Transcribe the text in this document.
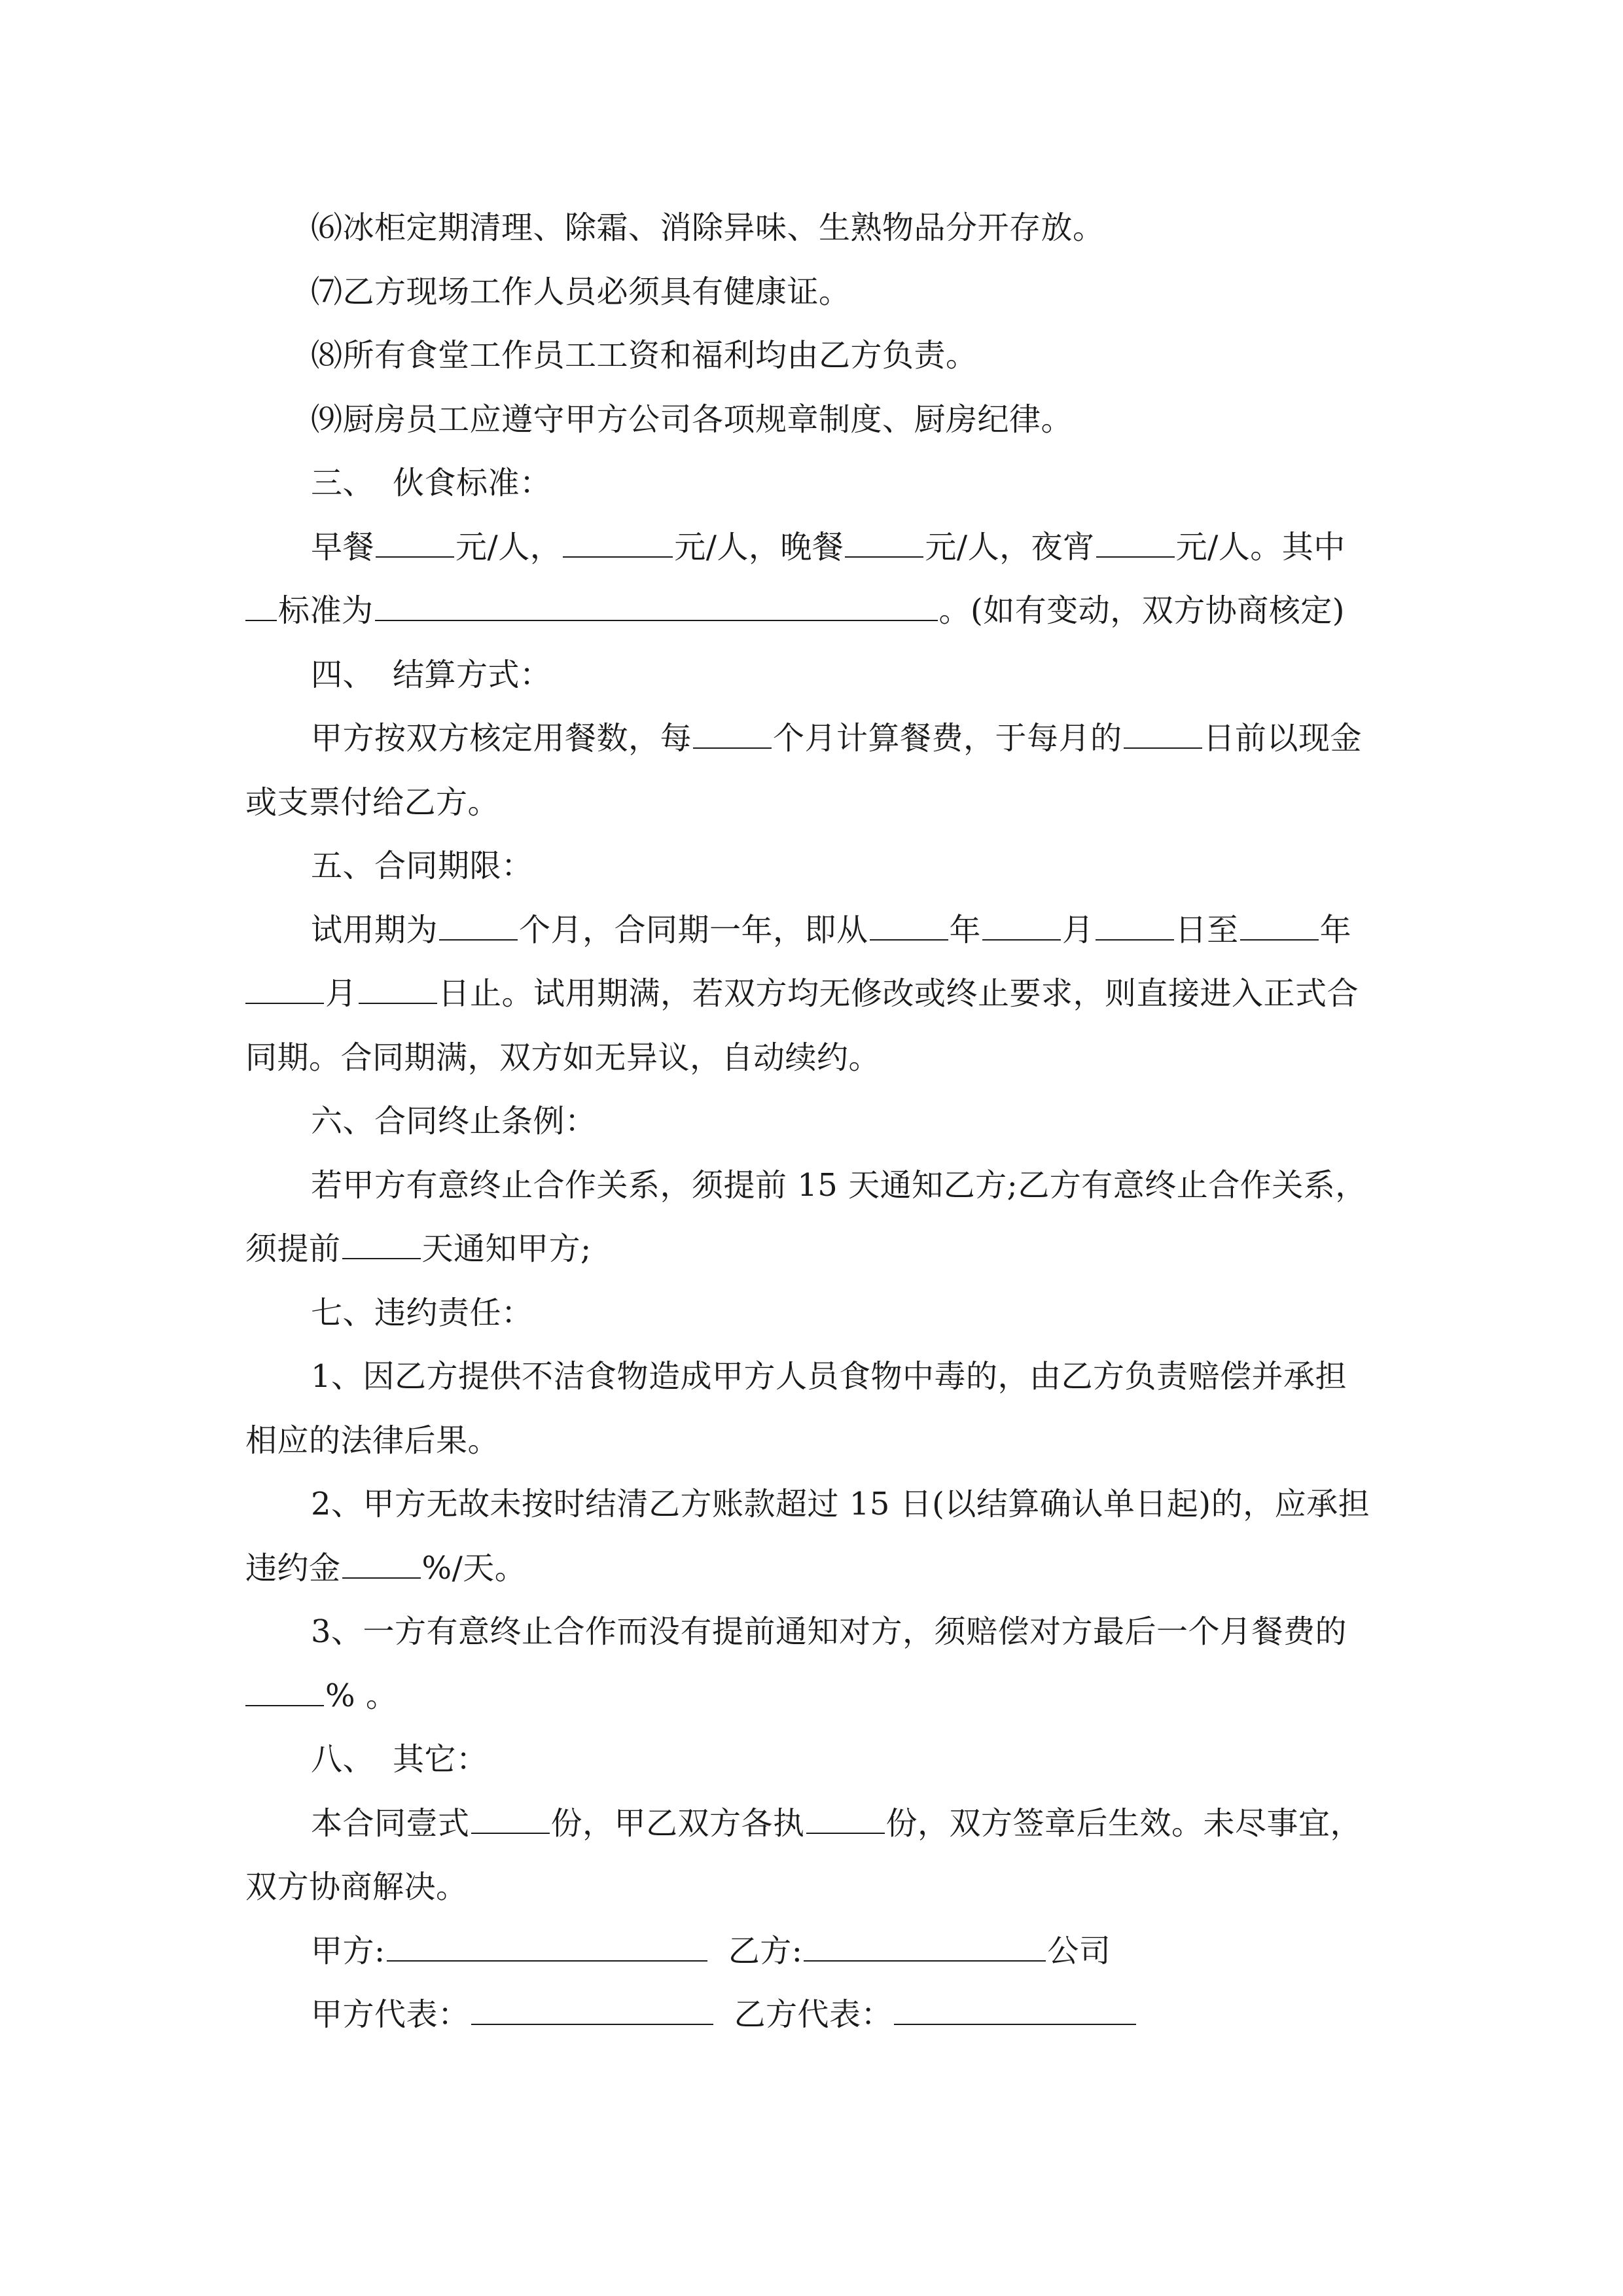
⑹冰柜定期清理、除霜、消除异味、生熟物品分开存放。
⑺乙方现场工作人员必须具有健康证。
⑻所有食堂工作员工工资和福利均由乙方负责。
⑼厨房员工应遵守甲方公司各项规章制度、厨房纪律。
三、 伙食标准：
早餐	元/人，	元/人，晚餐	元/人，夜宵	元/人。其中
标准为	。(如有变动，双方协商核定)
四、 结算方式：
甲方按双方核定用餐数，每	个月计算餐费，于每月的	日前以现金
或支票付给乙方。
五、合同期限：
试用期为	个月，合同期一年，即从	年	月	日至	年
月	日止。试用期满，若双方均无修改或终止要求，则直接进入正式合
同期。合同期满，双方如无异议，自动续约。
六、合同终止条例：
若甲方有意终止合作关系，须提前 15 天通知乙方;乙方有意终止合作关系，
须提前	天通知甲方;
七、违约责任：
1、因乙方提供不洁食物造成甲方人员食物中毒的，由乙方负责赔偿并承担
相应的法律后果。
2、甲方无故未按时结清乙方账款超过 15 日(以结算确认单日起)的，应承担
违约金	%/天。
3、一方有意终止合作而没有提前通知对方，须赔偿对方最后一个月餐费的
% 。
八、 其它：
本合同壹式	份，甲乙双方各执	份，双方签章后生效。未尽事宜，
双方协商解决。
甲方:	乙方:	公司
甲方代表：	乙方代表：
